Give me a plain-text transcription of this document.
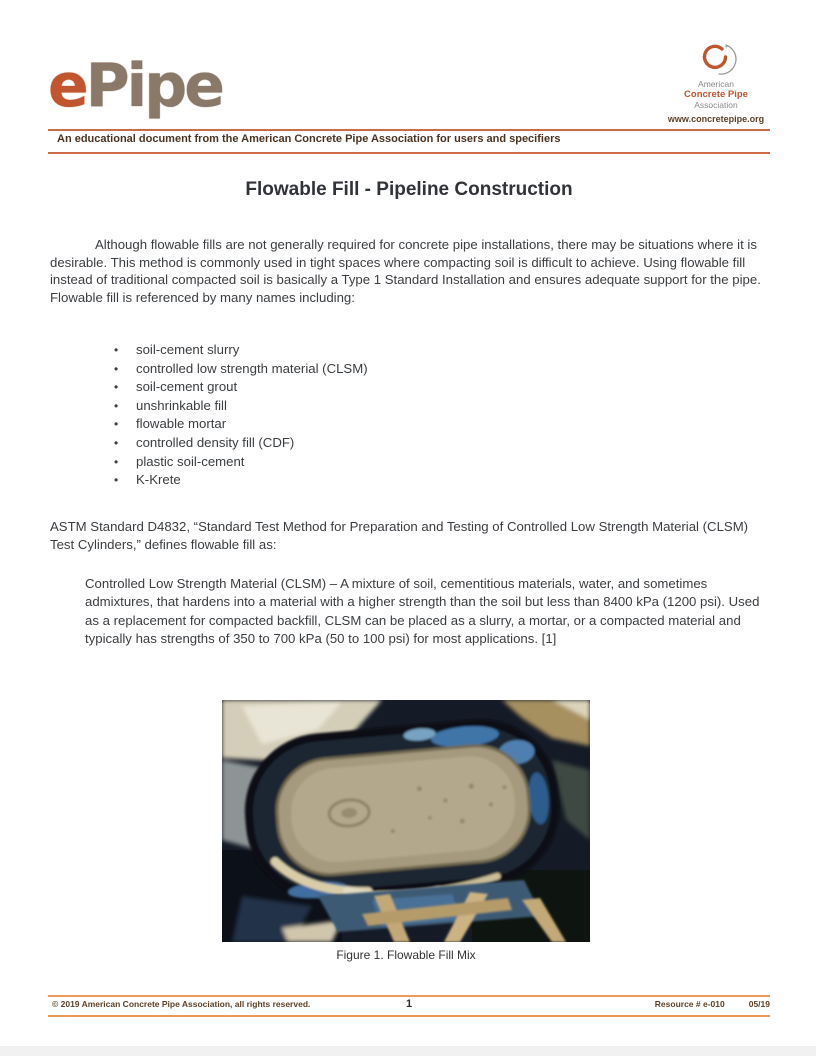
ePipe	American
Concrete Pipe
Association
www.concretepipe.org
An educational document from the American Concrete Pipe Association for users and specifiers
Flowable Fill - Pipeline Construction

Although flowable fills are not generally required for concrete pipe installations, there may be situations where it is desirable. This method is commonly used in tight spaces where compacting soil is difficult to achieve. Using flowable fill instead of traditional compacted soil is basically a Type 1 Standard Installation and ensures adequate support for the pipe. Flowable fill is referenced by many names including:

• soil-cement slurry
• controlled low strength material (CLSM)
• soil-cement grout
• unshrinkable fill
• flowable mortar
• controlled density fill (CDF)
• plastic soil-cement
• K-Krete

ASTM Standard D4832, “Standard Test Method for Preparation and Testing of Controlled Low Strength Material (CLSM) Test Cylinders,” defines flowable fill as:

Controlled Low Strength Material (CLSM) – A mixture of soil, cementitious materials, water, and sometimes admixtures, that hardens into a material with a higher strength than the soil but less than 8400 kPa (1200 psi). Used as a replacement for compacted backfill, CLSM can be placed as a slurry, a mortar, or a compacted material and typically has strengths of 350 to 700 kPa (50 to 100 psi) for most applications. [1]

Figure 1. Flowable Fill Mix
1
© 2019 American Concrete Pipe Association, all rights reserved.	Resource # e-010	05/19
